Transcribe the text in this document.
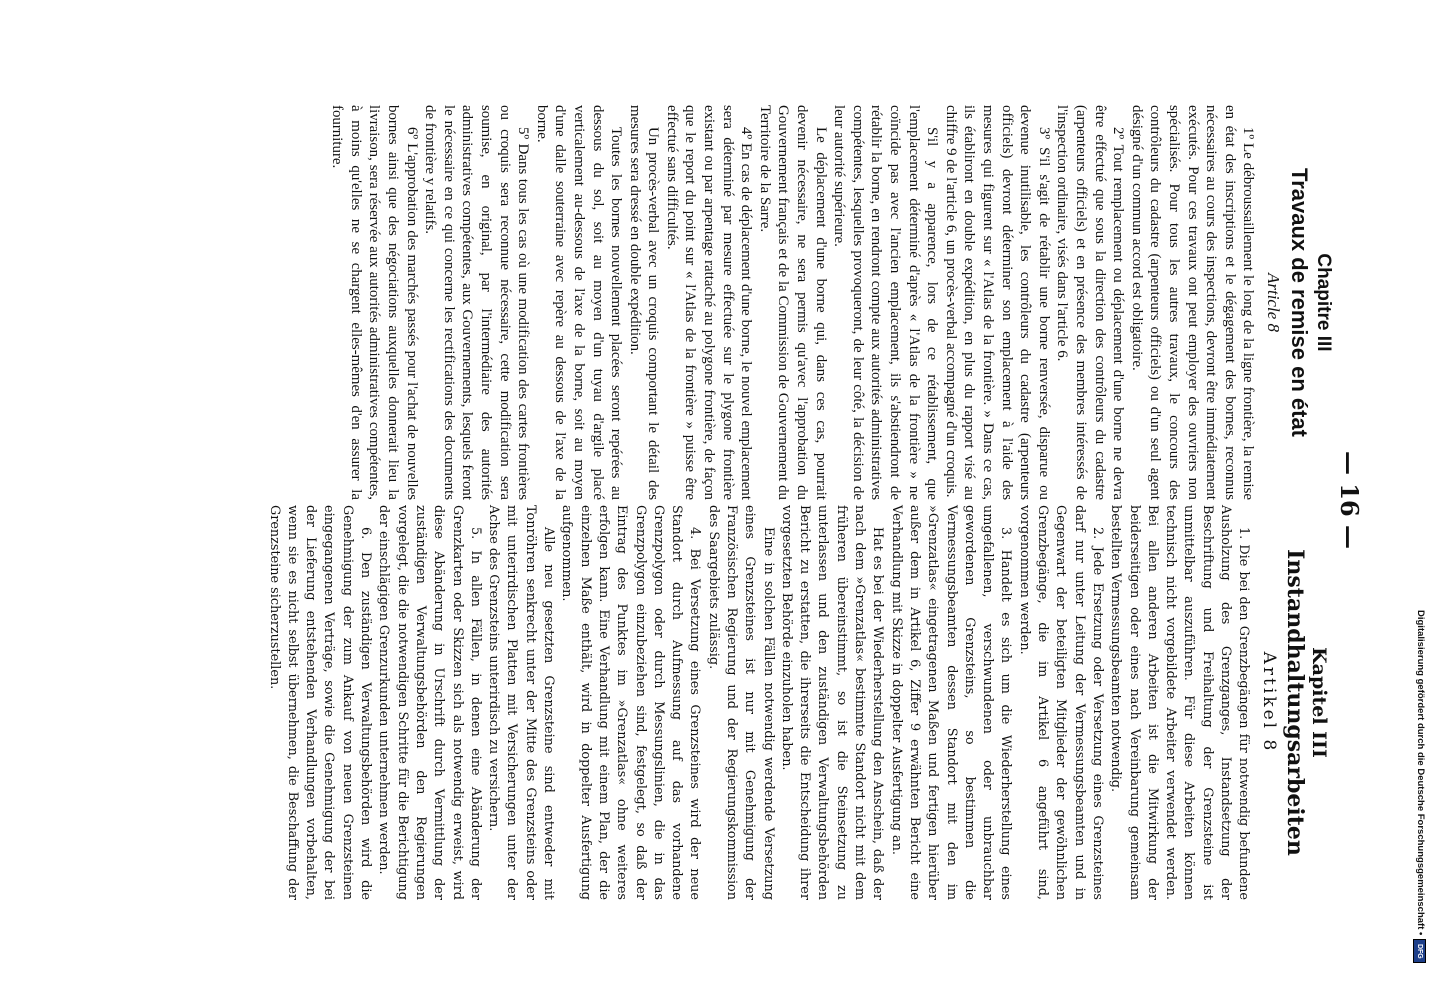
— 16 —
Chapitre III
Travaux de remise en état
Article 8

1º Le débroussaillement le long de la ligne frontière, la remise en état des inscriptions et le dégagement des bornes, reconnus nécessaires au cours des inspections, devront être immédiatement exécutés. Pour ces travaux ont peut employer des ouvriers non spécialisés. Pour tous les autres travaux, le concours des contrôleurs du cadastre (arpenteurs officiels) ou d'un seul agent désigné d'un commun accord est obligatoire.

2º Tout remplacement ou déplacement d'une borne ne devra être effectué que sous la direction des contrôleurs du cadastre (arpenteurs officiels) et en présence des membres intéressés de l'inspection ordinaire, visés dans l'article 6.

3º S'il s'agit de rétablir une borne renversée, disparue ou devenue inutilisable, les contrôleurs du cadastre (arpenteurs officiels) devront déterminer son emplacement à l'aide des mesures qui figurent sur « l'Atlas de la frontière. » Dans ce cas, ils établiront en double expédition, en plus du rapport visé au chiffre 9 de l'article 6, un procès-verbal accompagné d'un croquis.

S'il y a apparence, lors de ce rétablissement, que l'emplacement déterminé d'après « l'Atlas de la frontière » ne coïncide pas avec l'ancien emplacement, ils s'abstiendront de rétablir la borne, en rendront compte aux autorités administratives compétentes, lesquelles provoqueront, de leur côté, la décision de leur autorité supérieure.

Le déplacement d'une borne qui, dans ces cas, pourrait devenir nécessaire, ne sera permis qu'avec l'approbation du Gouvernement français et de la Commission de Gouvernement du Territoire de la Sarre.

4º En cas de déplacement d'une borne, le nouvel emplacement sera déterminé par mesure effectuée sur le plygone frontière existant ou par arpentage rattaché au polygone frontière, de façon que le report du point sur « l'Atlas de la frontière » puisse être effectué sans difficultés.

Un procès-verbal avec un croquis comportant le détail des mesures sera dressé en double expédition.

Toutes les bornes nouvellement placées seront repérées au dessous du sol, soit au moyen d'un tuyau d'argile placé verticalement au-dessous de l'axe de la borne, soit au moyen d'une dalle souterraine avec repère au dessous de l'axe de la borne.

5º Dans tous les cas où une modification des cartes frontières ou croquis sera reconnue nécessaire, cette modification sera soumise, en original, par l'intermédiaire des autorités administratives compétentes, aux Gouvernements, lesquels feront le nécessaire en ce qui concerne les rectifications des documents de frontière y relatifs.

6º L'approbation des marchés passés pour l'achat de nouvelles bornes ainsi que des négociations auxquelles donnerait lieu la livraison, sera réservée aux autorités administratives compétentes, à moins qu'elles ne se chargent elles-mêmes d'en assurer la fourniture.

Kapitel III
Instandhaltungsarbeiten
Artikel 8

1. Die bei den Grenzbegängen für notwendig befundene Ausholzung des Grenzganges, Instandsetzung der Beschriftung und Freihaltung der Grenzsteine ist unmittelbar auszuführen. Für diese Arbeiten können technisch nicht vorgebildete Arbeiter verwendet werden. Bei allen anderen Arbeiten ist die Mitwirkung der beiderseitigen oder eines nach Vereinbarung gemeinsam bestellten Vermessungsbeamten notwendig.

2. Jede Ersetzung oder Versetzung eines Grenzsteines darf nur unter Leitung der Vermessungsbeamten und in Gegenwart der beteiligten Mitglieder der gewöhnlichen Grenzbegänge, die im Artikel 6 angeführt sind, vorgenommen werden.

3. Handelt es sich um die Wiederherstellung eines umgefallenen, verschwundenen oder unbrauchbar gewordenen Grenzsteins, so bestimmen die Vermessungsbeamten dessen Standort mit den im »Grenzatlas« eingetragenen Maßen und fertigen hierüber außer dem in Artikel 6, Ziffer 9 erwähnten Bericht eine Verhandlung mit Skizze in doppelter Ausfertigung an.

Hat es bei der Wiederherstellung den Anschein, daß der nach dem »Grenzatlas« bestimmte Standort nicht mit dem früheren übereinstimmt, so ist die Steinsetzung zu unterlassen und den zuständigen Verwaltungsbehörden Bericht zu erstatten, die ihrerseits die Entscheidung ihrer vorgesetzten Behörde einzuholen haben.

Eine in solchen Fällen notwendig werdende Versetzung eines Grenzsteines ist nur mit Genehmigung der Französischen Regierung und der Regierungskommission des Saargebiets zulässig.

4. Bei Versetzung eines Grenzsteines wird der neue Standort durch Aufmessung auf das vorhandene Grenzpolygon oder durch Messungslinien, die in das Grenzpolygon einzubeziehen sind, festgelegt, so daß der Eintrag des Punktes im »Grenzatlas« ohne weiteres erfolgen kann. Eine Verhandlung mit einem Plan, der die einzelnen Maße enthält, wird in doppelter Ausfertigung aufgenommen.

Alle neu gesetzten Grenzsteine sind entweder mit Tonröhren senkrecht unter der Mitte des Grenzsteins oder mit unterirdischen Platten mit Versicherungen unter der Achse des Grenzsteins unterirdisch zu versichern.

5. In allen Fällen, in denen eine Abänderung der Grenzkarten oder Skizzen sich als notwendig erweist, wird diese Abänderung in Urschrift durch Vermittlung der zuständigen Verwaltungsbehörden den Regierungen vorgelegt, die die notwendigen Schritte für die Berichtigung der einschlägigen Grenzurkunden unternehmen werden.

6. Den zuständigen Verwaltungsbehörden wird die Genehmigung der zum Ankauf von neuen Grenzsteinen eingegangenen Verträge, sowie die Genehmigung der bei der Lieferung entstehenden Verhandlungen vorbehalten, wenn sie es nicht selbst übernehmen, die Beschaffung der Grenzsteine sicherzustellen.

Digitalisierung gefördert durch die Deutsche Forschungsgemeinschaft •
DFG
